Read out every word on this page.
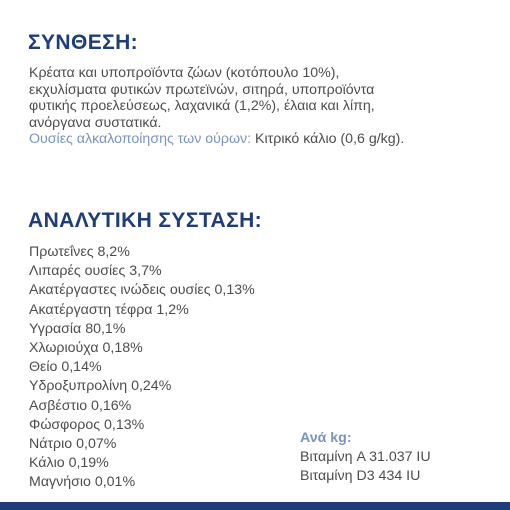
ΣΥΝΘΕΣΗ:
Κρέατα και υποπροϊόντα ζώων (κοτόπουλο 10%),
εκχυλίσματα φυτικών πρωτεϊνών, σιτηρά, υποπροϊόντα
φυτικής προελεύσεως, λαχανικά (1,2%), έλαια και λίπη,
ανόργανα συστατικά.
Ουσίες αλκαλοποίησης των ούρων: Κιτρικό κάλιο (0,6 g/kg).
ΑΝΑΛΥΤΙΚΗ ΣΥΣΤΑΣΗ:
Πρωτεΐνες 8,2%
Λιπαρές ουσίες 3,7%
Ακατέργαστες ινώδεις ουσίες 0,13%
Ακατέργαστη τέφρα 1,2%
Υγρασία 80,1%
Χλωριούχα 0,18%
Θείο 0,14%
Υδροξυπρολίνη 0,24%
Ασβέστιο 0,16%
Φώσφορος 0,13%
Νάτριο 0,07%
Κάλιο 0,19%
Μαγνήσιο 0,01%
Ανά kg:
Βιταμίνη A 31.037 IU
Βιταμίνη D3 434 IU
